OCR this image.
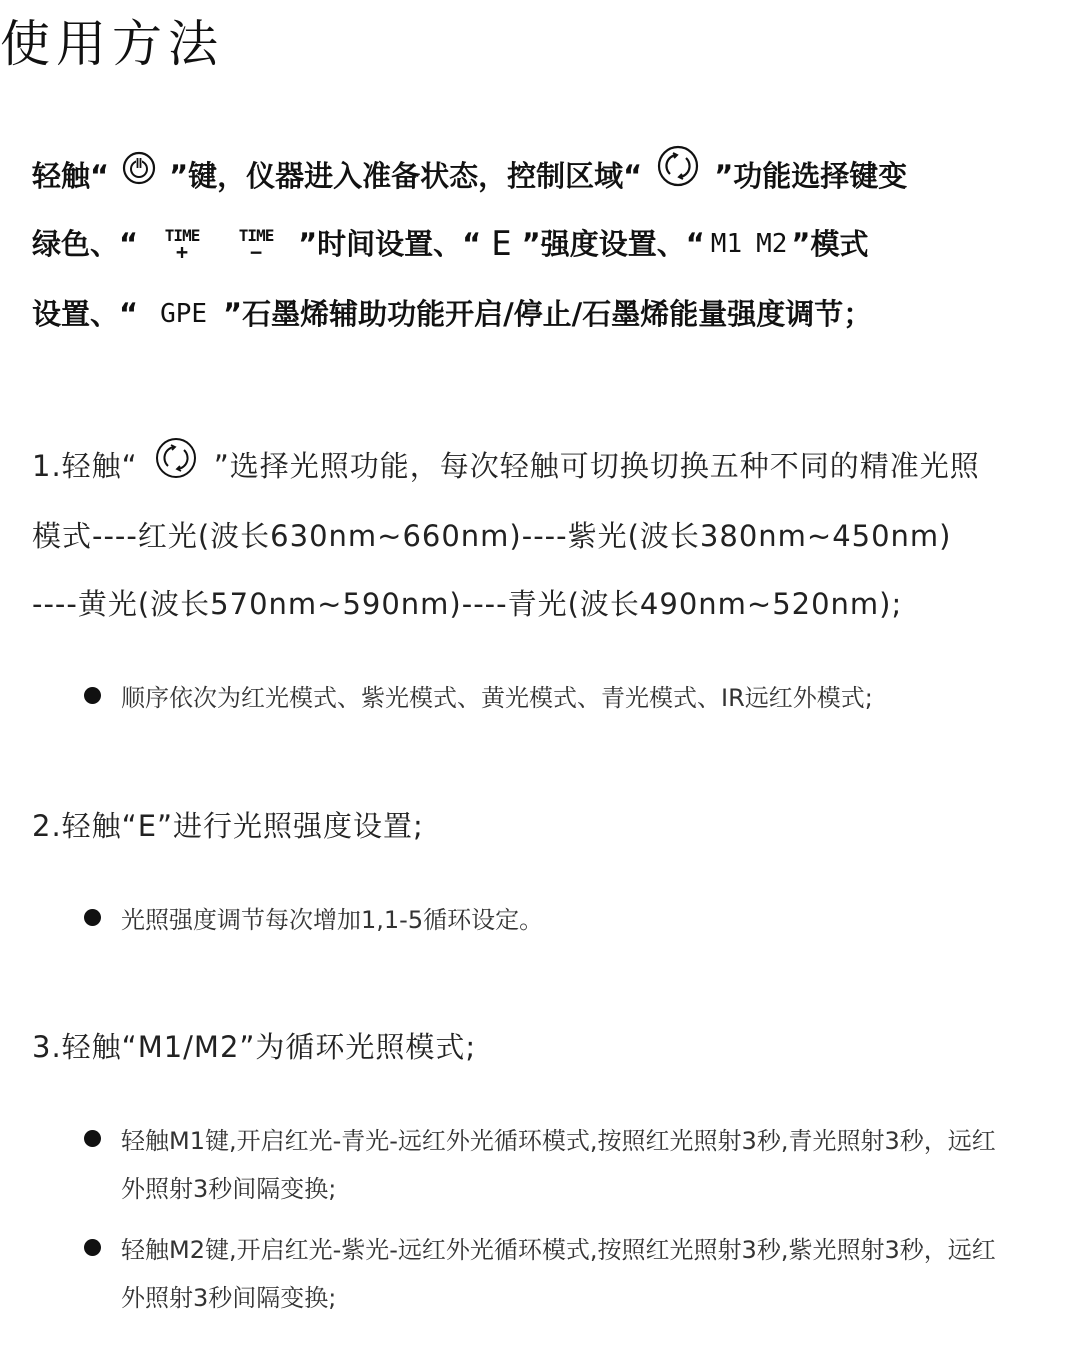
使用方法
轻触“ ”键，仪器进入准备状态，控制区域“ ”功能选择键变
绿色、“	TIME
+
TIME
−	”时间设置、“ E ”强度设置、“ M1 M2 ”模式
设置、“ GPE ”石墨烯辅助功能开启/停止/石墨烯能量强度调节；
1.轻触“	”选择光照功能，每次轻触可切换切换五种不同的精准光照
模式----红光(波长630nm~660nm)----紫光(波长380nm~450nm)
----黄光(波长570nm~590nm)----青光(波长490nm~520nm);
顺序依次为红光模式、紫光模式、黄光模式、青光模式、IR远红外模式;
2.轻触“E”进行光照强度设置;
光照强度调节每次增加1,1-5循环设定。
3.轻触“M1/M2”为循环光照模式;
轻触M1键,开启红光-青光-远红外光循环模式,按照红光照射3秒,青光照射3秒，远红外照射3秒间隔变换;
轻触M2键,开启红光-紫光-远红外光循环模式,按照红光照射3秒,紫光照射3秒，远红外照射3秒间隔变换;
